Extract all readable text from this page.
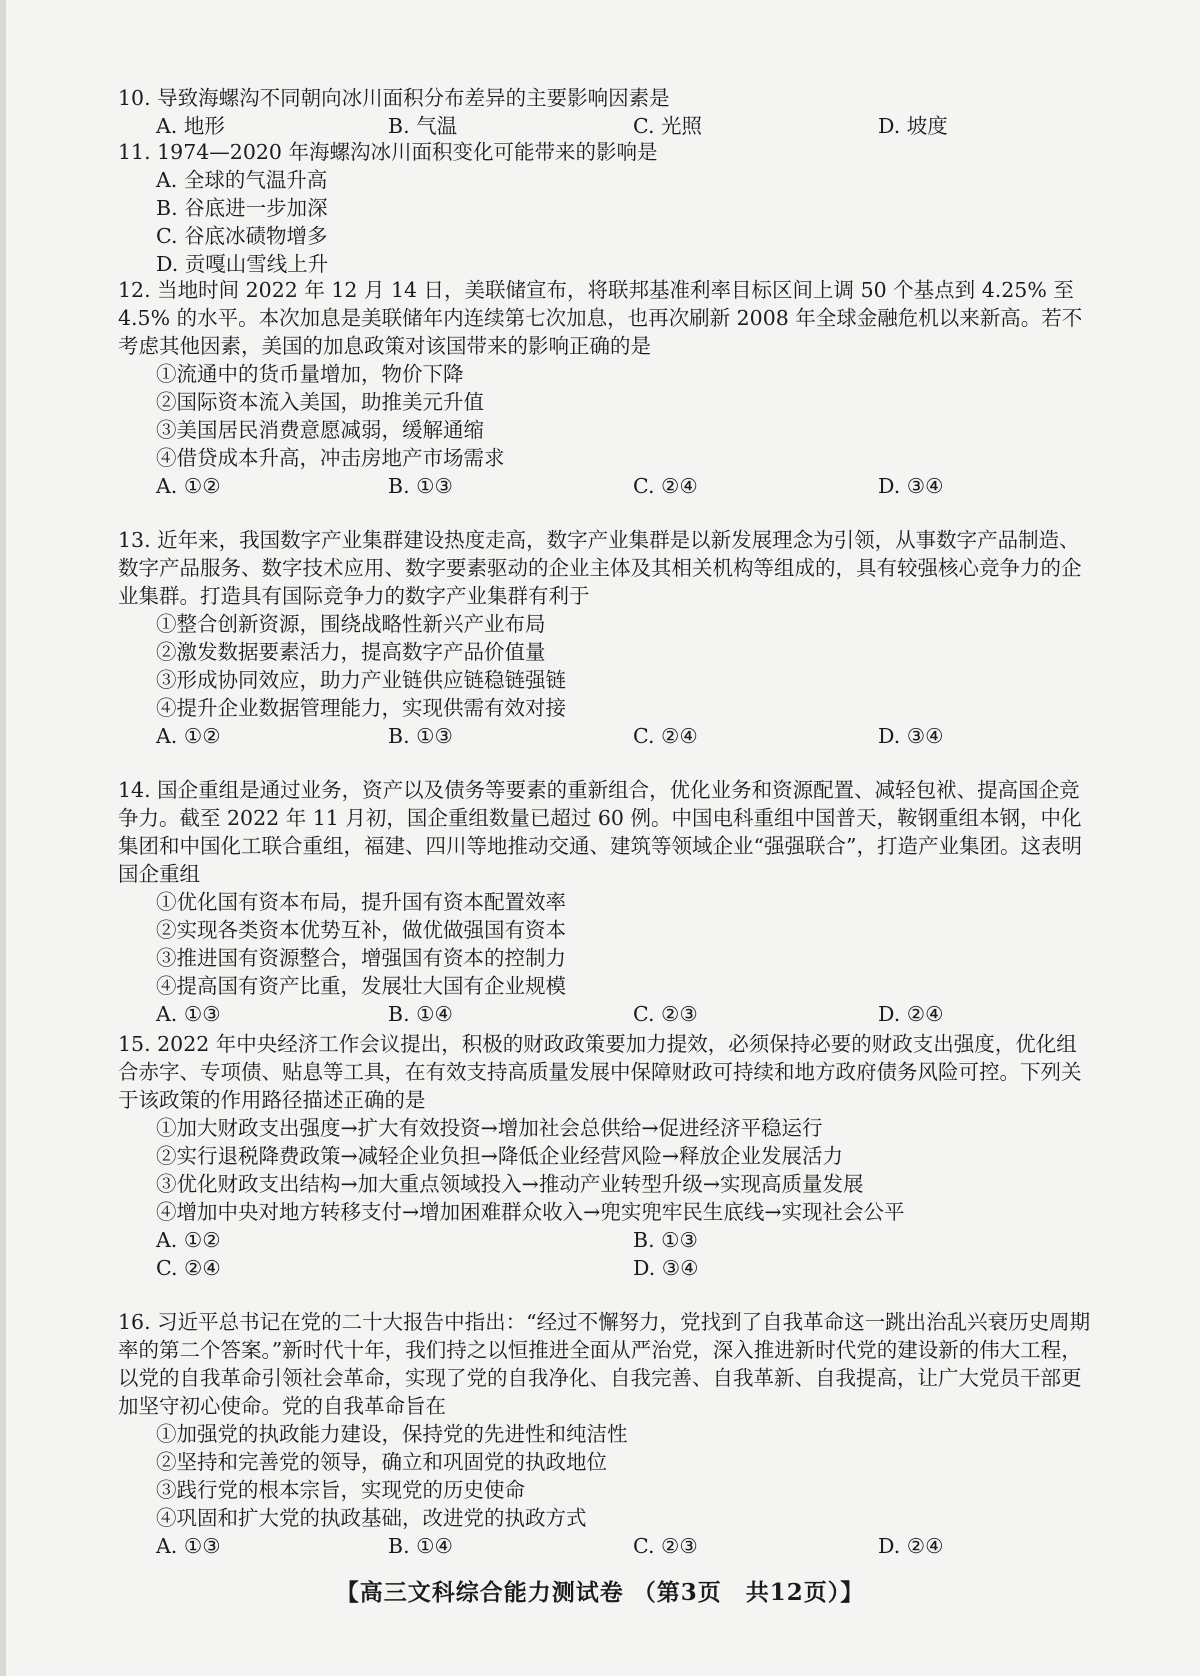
10. 导致海螺沟不同朝向冰川面积分布差异的主要影响因素是
A. 地形	B. 气温	C. 光照	D. 坡度
11. 1974—2020 年海螺沟冰川面积变化可能带来的影响是
A. 全球的气温升高
B. 谷底进一步加深
C. 谷底冰碛物增多
D. 贡嘎山雪线上升
12. 当地时间 2022 年 12 月 14 日，美联储宣布，将联邦基准利率目标区间上调 50 个基点到 4.25% 至 4.5% 的水平。本次加息是美联储年内连续第七次加息，也再次刷新 2008 年全球金融危机以来新高。若不考虑其他因素，美国的加息政策对该国带来的影响正确的是
①流通中的货币量增加，物价下降
②国际资本流入美国，助推美元升值
③美国居民消费意愿减弱，缓解通缩
④借贷成本升高，冲击房地产市场需求
A. ①②	B. ①③	C. ②④	D. ③④
13. 近年来，我国数字产业集群建设热度走高，数字产业集群是以新发展理念为引领，从事数字产品制造、数字产品服务、数字技术应用、数字要素驱动的企业主体及其相关机构等组成的，具有较强核心竞争力的企业集群。打造具有国际竞争力的数字产业集群有利于
①整合创新资源，围绕战略性新兴产业布局
②激发数据要素活力，提高数字产品价值量
③形成协同效应，助力产业链供应链稳链强链
④提升企业数据管理能力，实现供需有效对接
A. ①②	B. ①③	C. ②④	D. ③④
14. 国企重组是通过业务，资产以及债务等要素的重新组合，优化业务和资源配置、减轻包袱、提高国企竞争力。截至 2022 年 11 月初，国企重组数量已超过 60 例。中国电科重组中国普天，鞍钢重组本钢，中化集团和中国化工联合重组，福建、四川等地推动交通、建筑等领域企业“强强联合”，打造产业集团。这表明国企重组
①优化国有资本布局，提升国有资本配置效率
②实现各类资本优势互补，做优做强国有资本
③推进国有资源整合，增强国有资本的控制力
④提高国有资产比重，发展壮大国有企业规模
A. ①③	B. ①④	C. ②③	D. ②④
15. 2022 年中央经济工作会议提出，积极的财政政策要加力提效，必须保持必要的财政支出强度，优化组合赤字、专项债、贴息等工具，在有效支持高质量发展中保障财政可持续和地方政府债务风险可控。下列关于该政策的作用路径描述正确的是
①加大财政支出强度→扩大有效投资→增加社会总供给→促进经济平稳运行
②实行退税降费政策→减轻企业负担→降低企业经营风险→释放企业发展活力
③优化财政支出结构→加大重点领域投入→推动产业转型升级→实现高质量发展
④增加中央对地方转移支付→增加困难群众收入→兜实兜牢民生底线→实现社会公平
A. ①②	B. ①③
C. ②④	D. ③④
16. 习近平总书记在党的二十大报告中指出：“经过不懈努力，党找到了自我革命这一跳出治乱兴衰历史周期率的第二个答案。”新时代十年，我们持之以恒推进全面从严治党，深入推进新时代党的建设新的伟大工程，以党的自我革命引领社会革命，实现了党的自我净化、自我完善、自我革新、自我提高，让广大党员干部更加坚守初心使命。党的自我革命旨在
①加强党的执政能力建设，保持党的先进性和纯洁性
②坚持和完善党的领导，确立和巩固党的执政地位
③践行党的根本宗旨，实现党的历史使命
④巩固和扩大党的执政基础，改进党的执政方式
A. ①③	B. ①④	C. ②③	D. ②④
【高三文科综合能力测试卷 （第3页　共12页）】
